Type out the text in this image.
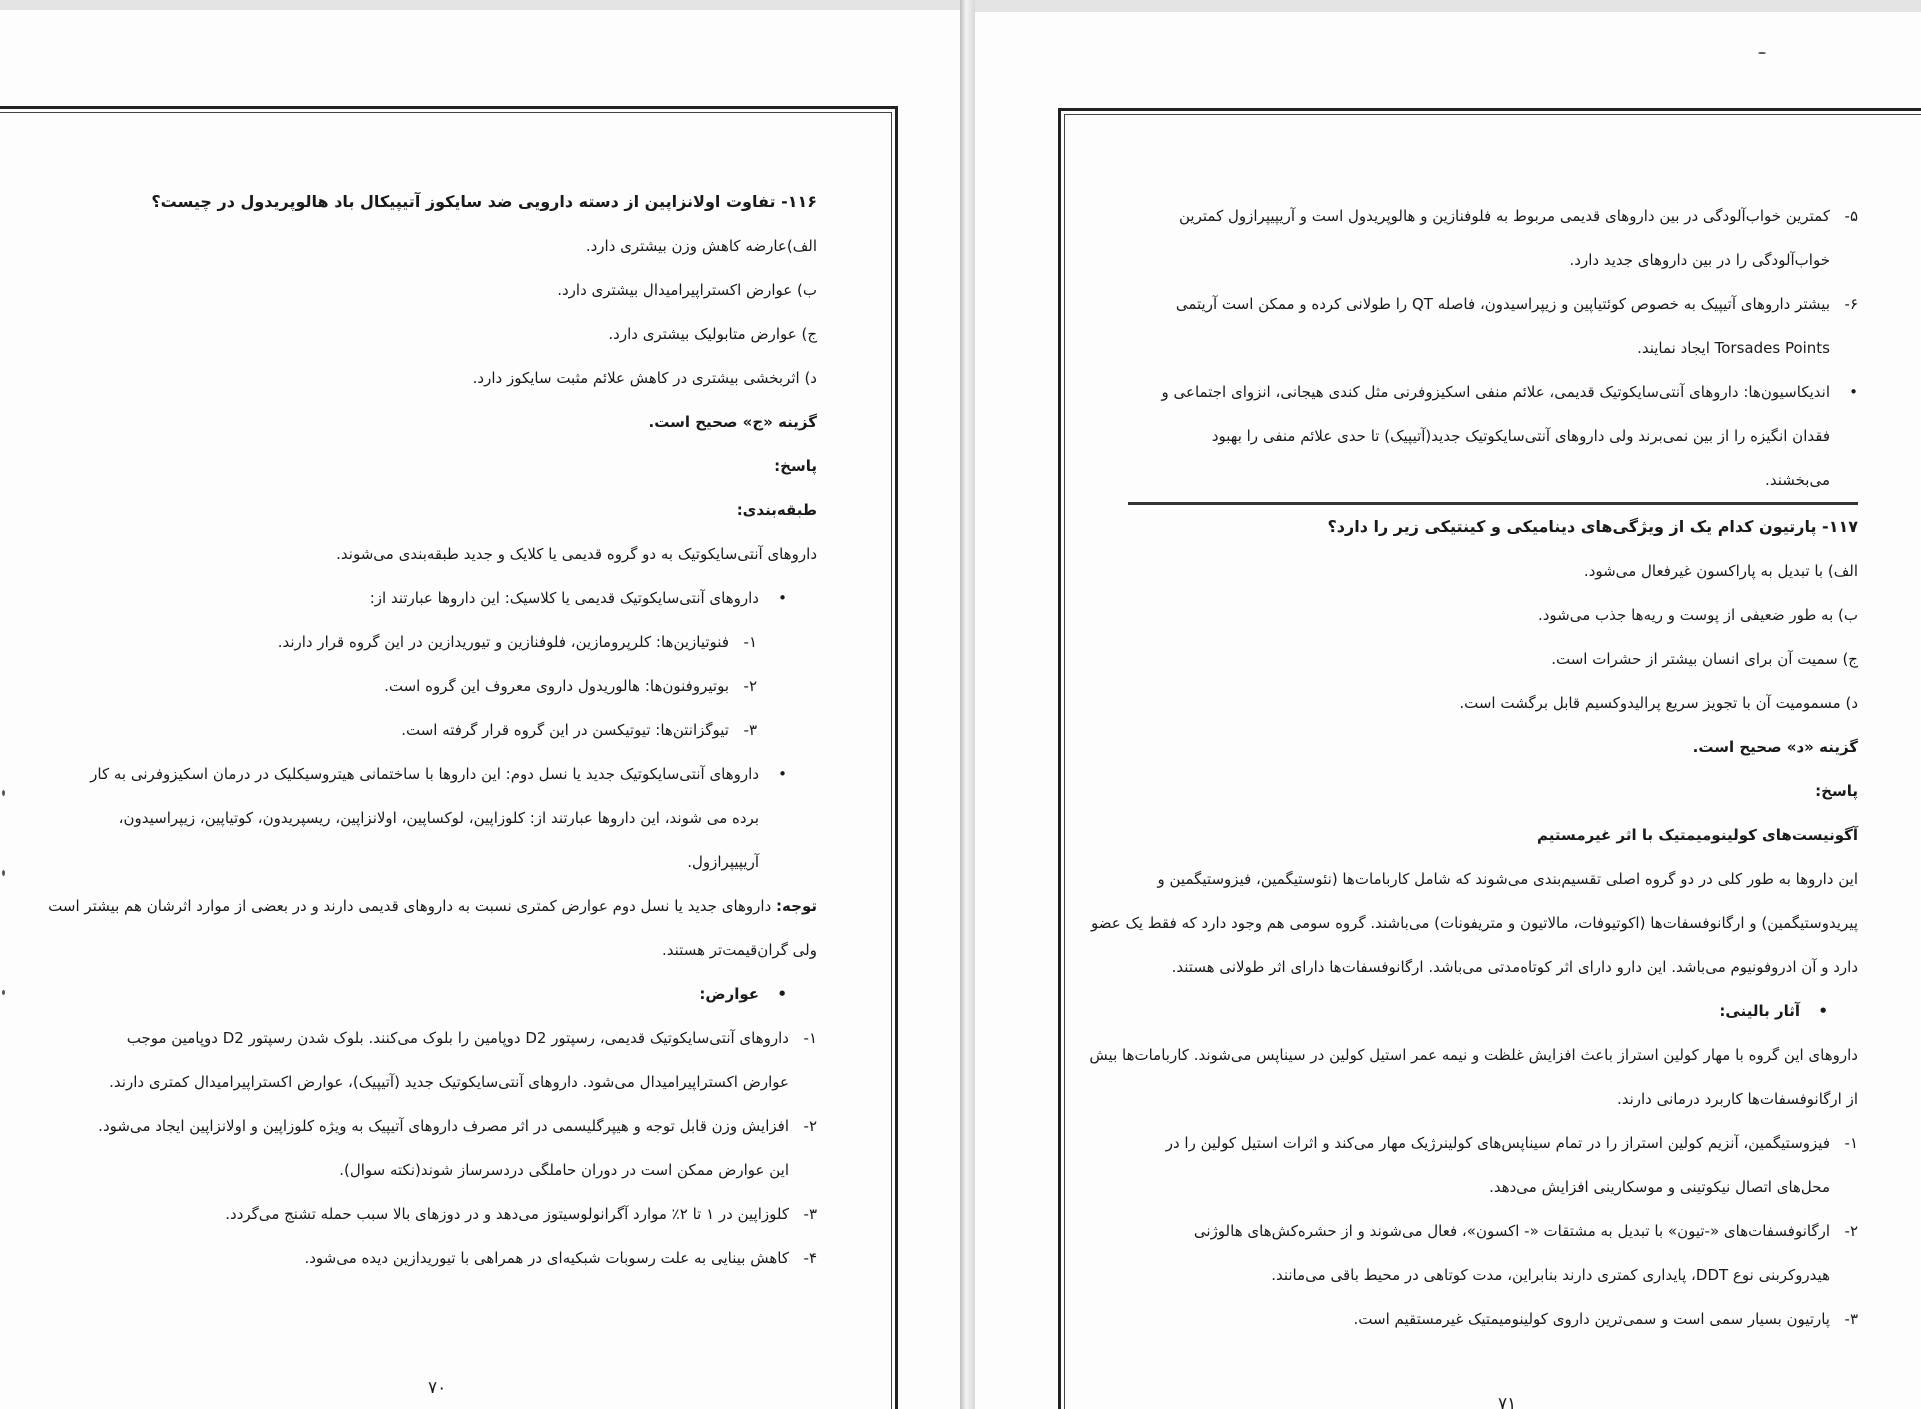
۱۱۶- تفاوت اولانزاپین از دسته دارویی ضد سایکوز آتیپیکال باد هالوپریدول در چیست؟

الف)عارضه کاهش وزن بیشتری دارد.

ب) عوارض اکستراپیرامیدال بیشتری دارد.

ج) عوارض متابولیک بیشتری دارد.

د) اثربخشی بیشتری در کاهش علائم مثبت سایکوز دارد.

گزینه «ج» صحیح است.

پاسخ:

طبقه‌بندی:

داروهای آنتی‌سایکوتیک به دو گروه قدیمی یا کلایک و جدید طبقه‌بندی می‌شوند.

•
داروهای آنتی‌سایکوتیک قدیمی یا کلاسیک: این داروها عبارتند از:
۱-
فنوتیازین‌ها: کلرپرومازین، فلوفنازین و تیوریدازین در این گروه قرار دارند.
۲-
بوتیروفنون‌ها: هالوریدول داروی معروف این گروه است.
۳-
تیوگزانتن‌ها: تیوتیکسن در این گروه قرار گرفته است.
•
داروهای آنتی‌سایکوتیک جدید یا نسل دوم: این داروها با ساختمانی هیتروسیکلیک در درمان اسکیزوفرنی به کار
برده می شوند، این داروها عبارتند از: کلوزاپین، لوکساپین، اولانزاپین، ریسپریدون، کوتیاپین، زیپراسیدون،
آریپیپرازول.
توجه: داروهای جدید یا نسل دوم عوارض کمتری نسبت به داروهای قدیمی دارند و در بعضی از موارد اثرشان هم بیشتر است
ولی گران‌قیمت‌تر هستند.
•
عوارض:
۱-
داروهای آنتی‌سایکوتیک قدیمی، رسپتور D2 دوپامین را بلوک می‌کنند. بلوک شدن رسپتور D2 دوپامین موجب
عوارض اکستراپیرامیدال می‌شود. داروهای آنتی‌سایکوتیک جدید (آتیپیک)، عوارض اکستراپیرامیدال کمتری دارند.
۲-
افزایش وزن قابل توجه و هیپرگلیسمی در اثر مصرف داروهای آتیپیک به ویژه کلوزاپین و اولانزاپین ایجاد می‌شود.
این عوارض ممکن است در دوران حاملگی دردسرساز شوند(نکته سوال).
۳-
کلوزاپین در ۱ تا ۲٪ موارد آگرانولوسیتوز می‌دهد و در دوزهای بالا سبب حمله تشنج می‌گردد.
۴-
کاهش بینایی به علت رسوبات شبکیه‌ای در همراهی با تیوریدازین دیده می‌شود.
۷۰
۵-
کمترین خواب‌آلودگی در بین داروهای قدیمی مربوط به فلوفنازین و هالوپریدول است و آریپیپرازول کمترین
خواب‌آلودگی را در بین داروهای جدید دارد.
۶-
بیشتر داروهای آتیپیک به خصوص کوئتیاپین و زیپراسیدون، فاصله QT را طولانی کرده و ممکن است آریتمی
Torsades Points ایجاد نمایند.
•
اندیکاسیون‌ها: داروهای آنتی‌سایکوتیک قدیمی، علائم منفی اسکیزوفرنی مثل کندی هیجانی، انزوای اجتماعی و
فقدان انگیزه را از بین نمی‌برند ولی داروهای آنتی‌سایکوتیک جدید(آتیپیک) تا حدی علائم منفی را بهبود
می‌بخشند.

۱۱۷- پارتیون کدام یک از ویژگی‌های دینامیکی و کینتیکی زیر را دارد؟

الف) با تبدیل به پاراکسون غیرفعال می‌شود.

ب) به طور ضعیفی از پوست و ریه‌ها جذب می‌شود.

ج) سمیت آن برای انسان بیشتر از حشرات است.

د) مسمومیت آن با تجویز سریع پرالیدوکسیم قابل برگشت است.

گزینه «د» صحیح است.

پاسخ:

آگونیست‌های کولینومیمتیک با اثر غیرمستیم

این داروها به طور کلی در دو گروه اصلی تقسیم‌بندی می‌شوند که شامل کاربامات‌ها (نئوستیگمین، فیزوستیگمین و

پیریدوستیگمین) و ارگانوفسفات‌ها (اکوتیوفات، مالاتیون و متریفونات) می‌باشند. گروه سومی هم وجود دارد که فقط یک عضو

دارد و آن ادروفونیوم می‌باشد. این دارو دارای اثر کوتاه‌مدتی می‌باشد. ارگانوفسفات‌ها دارای اثر طولانی هستند.

•
آثار بالینی:

داروهای این گروه با مهار کولین استراز باعث افزایش غلظت و نیمه عمر استیل کولین در سیناپس می‌شوند. کاربامات‌ها بیش

از ارگانوفسفات‌ها کاربرد درمانی دارند.

۱-
فیزوستیگمین، آنزیم کولین استراز را در تمام سیناپس‌های کولینرژیک مهار می‌کند و اثرات استیل کولین را در
محل‌های اتصال نیکوتینی و موسکارینی افزایش می‌دهد.
۲-
ارگانوفسفات‌های «-تیون» با تبدیل به مشتقات «- اکسون»، فعال می‌شوند و از حشره‌کش‌های هالوژنی
هیدروکربنی نوع DDT، پایداری کمتری دارند بنابراین، مدت کوتاهی در محیط باقی می‌مانند.
۳-
پارتیون بسیار سمی است و سمی‌ترین داروی کولینومیمتیک غیرمستقیم است.
۷۱
